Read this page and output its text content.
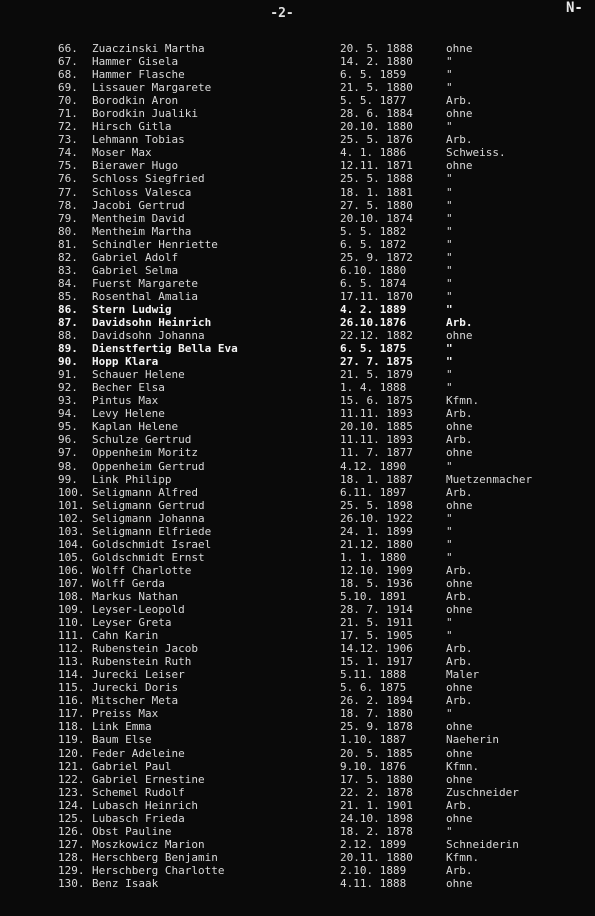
-2-	N-
66.	Zuaczinski Martha	20. 5. 1888	ohne
67.	Hammer Gisela	14. 2. 1880	"
68.	Hammer Flasche	6. 5. 1859	"
69.	Lissauer Margarete	21. 5. 1880	"
70.	Borodkin Aron	5. 5. 1877	Arb.
71.	Borodkin Jualiki	28. 6. 1884	ohne
72.	Hirsch Gitla	20.10. 1880	"
73.	Lehmann Tobias	25. 5. 1876	Arb.
74.	Moser Max	4. 1. 1886	Schweiss.
75.	Bierawer Hugo	12.11. 1871	ohne
76.	Schloss Siegfried	25. 5. 1888	"
77.	Schloss Valesca	18. 1. 1881	"
78.	Jacobi Gertrud	27. 5. 1880	"
79.	Mentheim David	20.10. 1874	"
80.	Mentheim Martha	5. 5. 1882	"
81.	Schindler Henriette	6. 5. 1872	"
82.	Gabriel Adolf	25. 9. 1872	"
83.	Gabriel Selma	6.10. 1880	"
84.	Fuerst Margarete	6. 5. 1874	"
85.	Rosenthal Amalia	17.11. 1870	"
86.	Stern Ludwig	4. 2. 1889	"
87.	Davidsohn Heinrich	26.10.1876	Arb.
88.	Davidsohn Johanna	22.12. 1882	ohne
89.	Dienstfertig Bella Eva	6. 5. 1875	"
90.	Hopp Klara	27. 7. 1875	"
91.	Schauer Helene	21. 5. 1879	"
92.	Becher Elsa	1. 4. 1888	"
93.	Pintus Max	15. 6. 1875	Kfmn.
94.	Levy Helene	11.11. 1893	Arb.
95.	Kaplan Helene	20.10. 1885	ohne
96.	Schulze Gertrud	11.11. 1893	Arb.
97.	Oppenheim Moritz	11. 7. 1877	ohne
98.	Oppenheim Gertrud	4.12. 1890	"
99.	Link Philipp	18. 1. 1887	Muetzenmacher
100. Seligmann Alfred	6.11. 1897	Arb.
101. Seligmann Gertrud	25. 5. 1898	ohne
102. Seligmann Johanna	26.10. 1922	"
103. Seligmann Elfriede	24. 1. 1899	"
104. Goldschmidt Israel	21.12. 1880	"
105. Goldschmidt Ernst	1. 1. 1880	"
106. Wolff Charlotte	12.10. 1909	Arb.
107. Wolff Gerda	18. 5. 1936	ohne
108. Markus Nathan	5.10. 1891	Arb.
109. Leyser-Leopold	28. 7. 1914	ohne
110. Leyser Greta	21. 5. 1911	"
111. Cahn Karin	17. 5. 1905	"
112. Rubenstein Jacob	14.12. 1906	Arb.
113. Rubenstein Ruth	15. 1. 1917	Arb.
114. Jurecki Leiser	5.11. 1888	Maler
115. Jurecki Doris	5. 6. 1875	ohne
116. Mitscher Meta	26. 2. 1894	Arb.
117. Preiss Max	18. 7. 1880	"
118. Link Emma	25. 9. 1878	ohne
119. Baum Else	1.10. 1887	Naeherin
120. Feder Adeleine	20. 5. 1885	ohne
121. Gabriel Paul	9.10. 1876	Kfmn.
122. Gabriel Ernestine	17. 5. 1880	ohne
123. Schemel Rudolf	22. 2. 1878	Zuschneider
124. Lubasch Heinrich	21. 1. 1901	Arb.
125. Lubasch Frieda	24.10. 1898	ohne
126. Obst Pauline	18. 2. 1878	"
127. Moszkowicz Marion	2.12. 1899	Schneiderin
128. Herschberg Benjamin	20.11. 1880	Kfmn.
129. Herschberg Charlotte	2.10. 1889	Arb.
130. Benz Isaak	4.11. 1888	ohne
